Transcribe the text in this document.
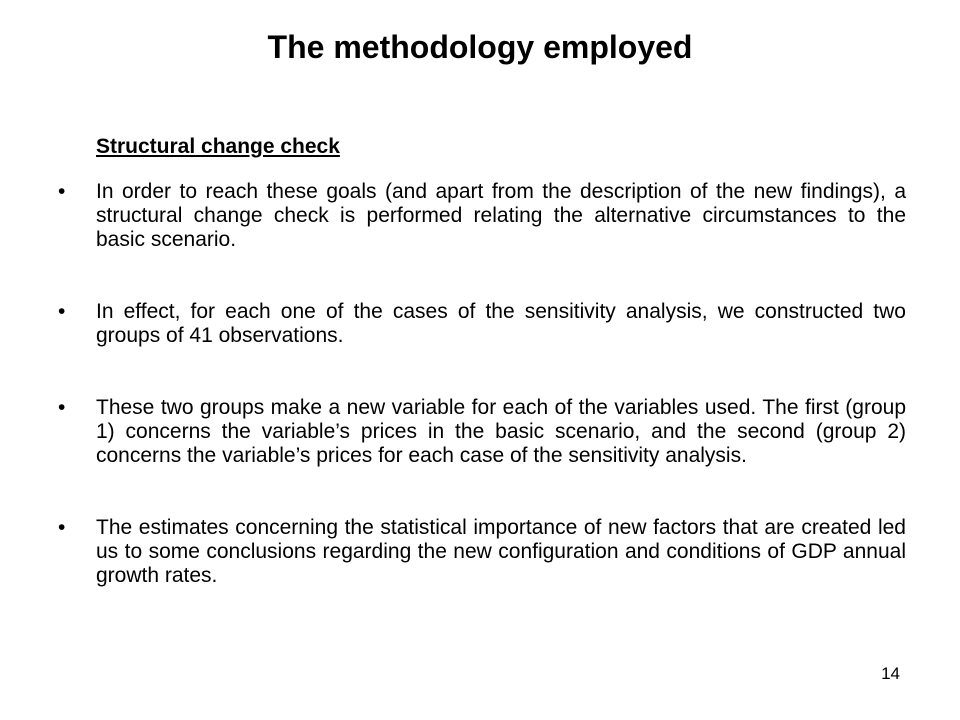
The methodology employed

Structural change check

•	In order to reach these goals (and apart from the description of the new findings), a structural change check is performed relating the alternative circumstances to the basic scenario.
•	In effect, for each one of the cases of the sensitivity analysis, we constructed two groups of 41 observations.
•	These two groups make a new variable for each of the variables used. The first (group 1) concerns the variable’s prices in the basic scenario, and the second (group 2) concerns the variable’s prices for each case of the sensitivity analysis.
•	The estimates concerning the statistical importance of new factors that are created led us to some conclusions regarding the new configuration and conditions of GDP annual growth rates.

14
